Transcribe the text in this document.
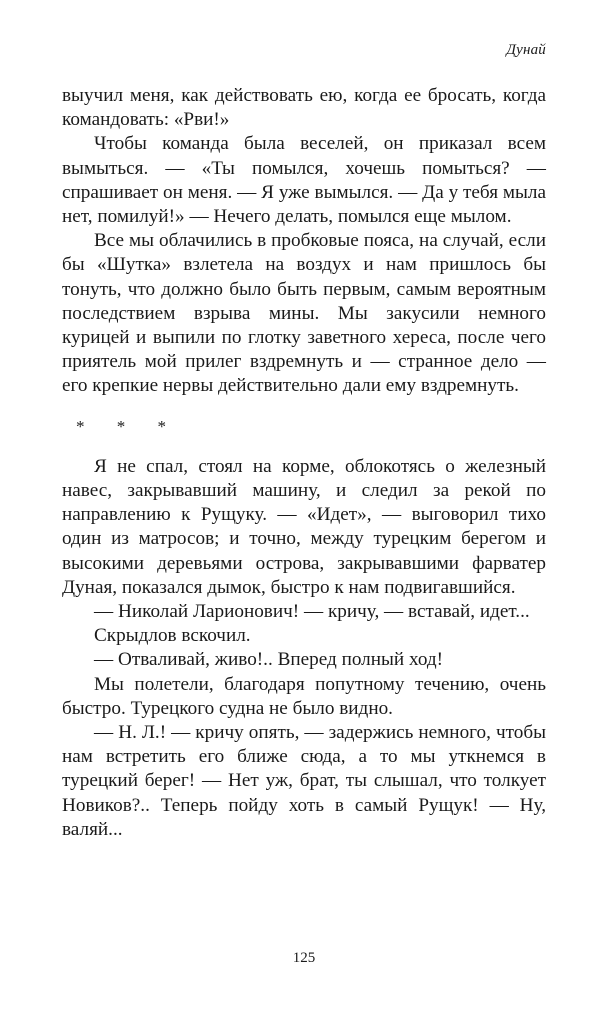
Дунай

выучил меня, как действовать ею, когда ее бросать, когда командовать: «Рви!»

Чтобы команда была веселей, он приказал всем вымыться. — «Ты помылся, хочешь помыться? — спрашивает он меня. — Я уже вымылся. — Да у тебя мыла нет, помилуй!» — Нечего делать, помылся еще мылом.

Все мы облачились в пробковые пояса, на случай, если бы «Шутка» взлетела на воздух и нам пришлось бы тонуть, что должно было быть первым, самым вероятным последствием взрыва мины. Мы закусили немного курицей и выпили по глотку заветного хереса, после чего приятель мой прилег вздремнуть и — странное дело — его крепкие нервы действительно дали ему вздремнуть.

* * *

Я не спал, стоял на корме, облокотясь о железный навес, закрывавший машину, и следил за рекой по направлению к Рущуку. — «Идет», — выговорил тихо один из матросов; и точно, между турецким берегом и высокими деревьями острова, закрывавшими фарватер Дуная, показался дымок, быстро к нам подвигавшийся.

— Николай Ларионович! — кричу, — вставай, идет...

Скрыдлов вскочил.

— Отваливай, живо!.. Вперед полный ход!

Мы полетели, благодаря попутному течению, очень быстро. Турецкого судна не было видно.

— Н. Л.! — кричу опять, — задержись немного, чтобы нам встретить его ближе сюда, а то мы уткнемся в турецкий берег! — Нет уж, брат, ты слышал, что толкует Новиков?.. Теперь пойду хоть в самый Рущук! — Ну, валяй...

125
